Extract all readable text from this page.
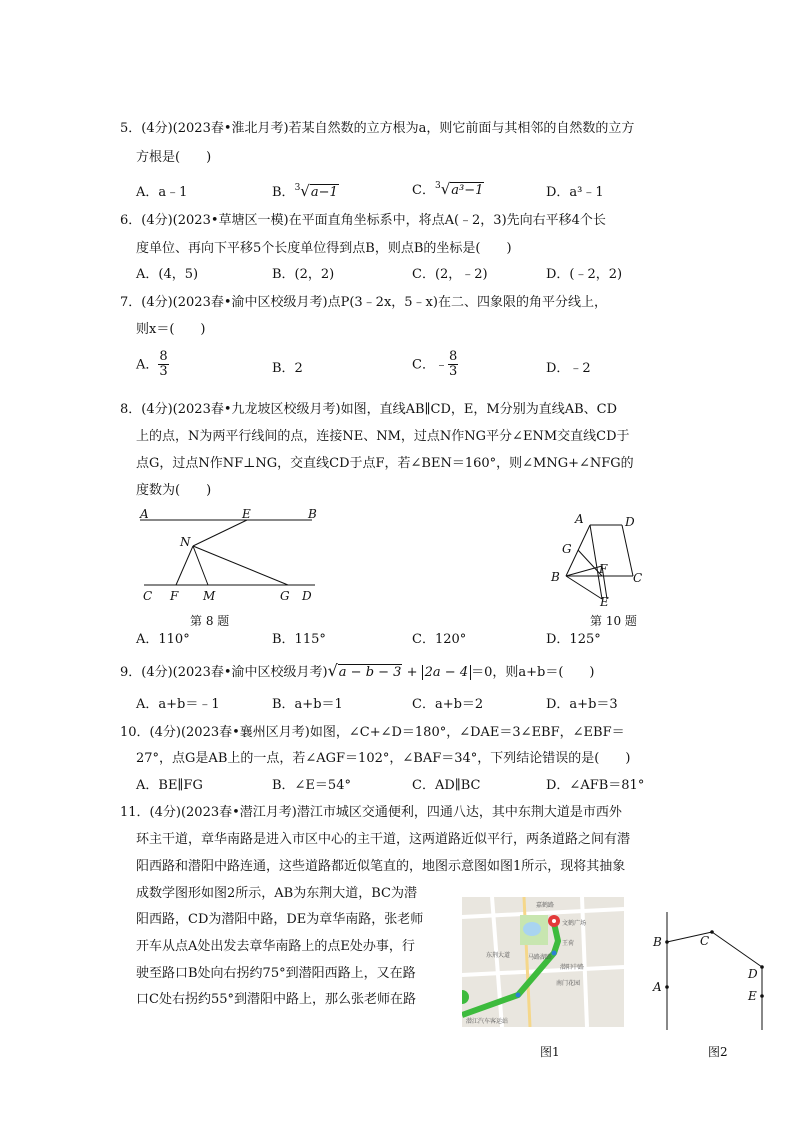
5．(4分)(2023春•淮北月考)若某自然数的立方根为a，则它前面与其相邻的自然数的立方
方根是(　　)
A．a﹣1	B．$^3$√a−1	C．$^3$√a³−1	D．a³﹣1
6．(4分)(2023•草塘区一模)在平面直角坐标系中，将点A(﹣2，3)先向右平移4个长
度单位、再向下平移5个长度单位得到点B，则点B的坐标是(　　)
A．(4，5)	B．(2，2)	C．(2，﹣2)	D．(﹣2，2)
7．(4分)(2023春•渝中区校级月考)点P(3﹣2x，5﹣x)在二、四象限的角平分线上，
则x＝(　　)
A． $\frac{8}{3}$	B．2	C．﹣ $\frac{8}{3}$	D．﹣2
8．(4分)(2023春•九龙坡区校级月考)如图，直线AB∥CD，E，M分别为直线AB、CD
上的点，N为两平行线间的点，连接NE、NM，过点N作NG平分∠ENM交直线CD于
点G，过点N作NF⊥NG，交直线CD于点F，若∠BEN＝160°，则∠MNG+∠NFG的
度数为(　　)
A	E	B
N
C F M	G D
第 8 题
A	D
G
B
F
C
E
第 10 题
A．110°	B．115°	C．120°	D．125°
9．(4分)(2023春•渝中区校级月考)√a − b − 3 + 2a − 4 ＝0，则a+b＝(　　)
A．a+b＝﹣1	B．a+b＝1	C．a+b＝2	D．a+b＝3
10．(4分)(2023春•襄州区月考)如图，∠C+∠D＝180°，∠DAE＝3∠EBF，∠EBF＝
27°，点G是AB上的一点，若∠AGF＝102°，∠BAF＝34°，下列结论错误的是(　　)
A．BE∥FG	B．∠E＝54°	C．AD∥BC	D．∠AFB＝81°
11．(4分)(2023春•潜江月考)潜江市城区交通便利，四通八达，其中东荆大道是市西外
环主干道，章华南路是进入市区中心的主干道，这两道路近似平行，两条道路之间有潜
阳西路和潜阳中路连通，这些道路都近似笔直的，地图示意图如图1所示，现将其抽象
成数学图形如图2所示，AB为东荆大道，BC为潜
阳西路，CD为潜阳中路，DE为章华南路，张老师
开车从点A处出发去章华南路上的点E处办事，行
驶至路口B处向右拐约75°到潜阳西路上，又在路
口C处右拐约55°到潜阳中路上，那么张老师在路
嘉鹤路
文鹤广场
马路湖路
东荆大道
王荷
潜阳中路
南门花园
潜江汽车客运站
图1
B
A
C
D
E
图2
